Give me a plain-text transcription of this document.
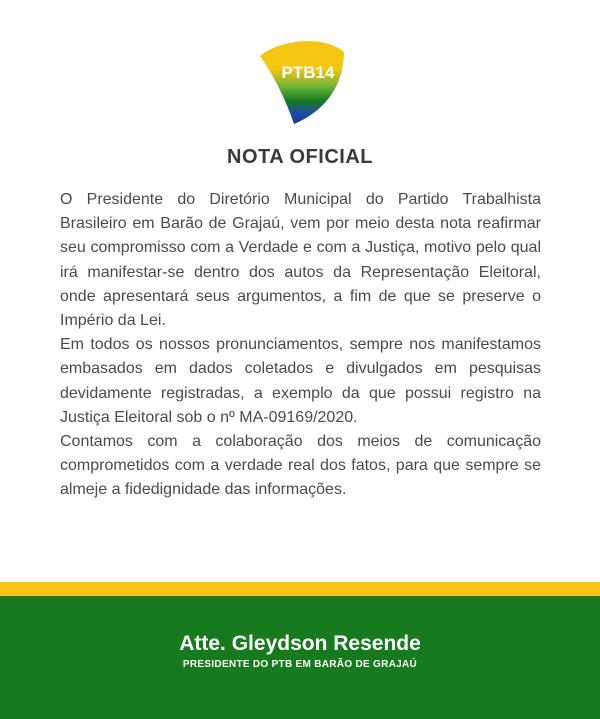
PTB14
NOTA OFICIAL

O Presidente do Diretório Municipal do Partido Trabalhista Brasileiro em Barão de Grajaú, vem por meio desta nota reafirmar seu compromisso com a Verdade e com a Justiça, motivo pelo qual irá manifestar-se dentro dos autos da Representação Eleitoral, onde apresentará seus argumentos, a fim de que se preserve o Império da Lei.

Em todos os nossos pronunciamentos, sempre nos manifestamos embasados em dados coletados e divulgados em pesquisas devidamente registradas, a exemplo da que possui registro na Justiça Eleitoral sob o nº MA-09169/2020.

Contamos com a colaboração dos meios de comunicação comprometidos com a verdade real dos fatos, para que sempre se almeje a fidedignidade das informações.

Atte. Gleydson Resende
PRESIDENTE DO PTB EM BARÃO DE GRAJAÚ
